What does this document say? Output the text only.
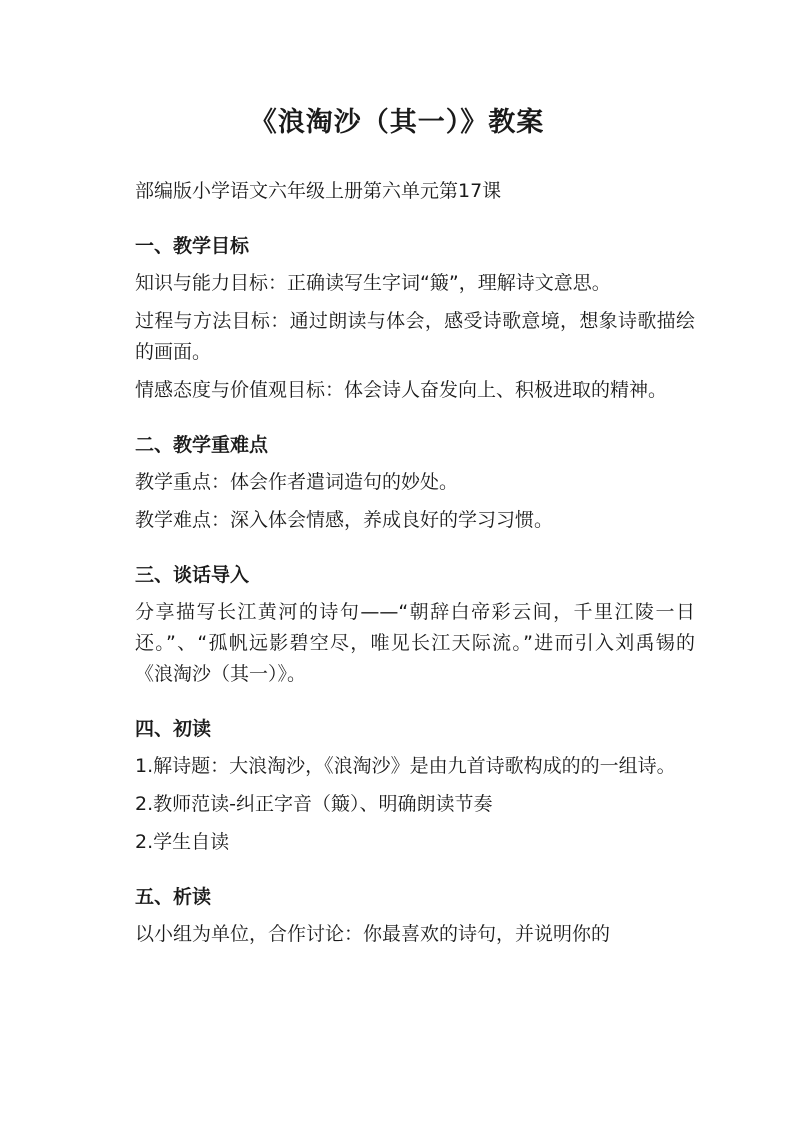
《浪淘沙（其一）》教案
部编版小学语文六年级上册第六单元第17课
一、教学目标
知识与能力目标：正确读写生字词“簸”，理解诗文意思。
过程与方法目标：通过朗读与体会，感受诗歌意境，想象诗歌描绘的画面。
情感态度与价值观目标：体会诗人奋发向上、积极进取的精神。
二、教学重难点
教学重点：体会作者遣词造句的妙处。
教学难点：深入体会情感，养成良好的学习习惯。
三、谈话导入
分享描写长江黄河的诗句——“朝辞白帝彩云间，千里江陵一日还。”、“孤帆远影碧空尽，唯见长江天际流。”进而引入刘禹锡的《浪淘沙（其一）》。
四、初读
1.解诗题：大浪淘沙，《浪淘沙》是由九首诗歌构成的的一组诗。
2.教师范读-纠正字音（簸）、明确朗读节奏
2.学生自读
五、析读
以小组为单位，合作讨论：你最喜欢的诗句，并说明你的
